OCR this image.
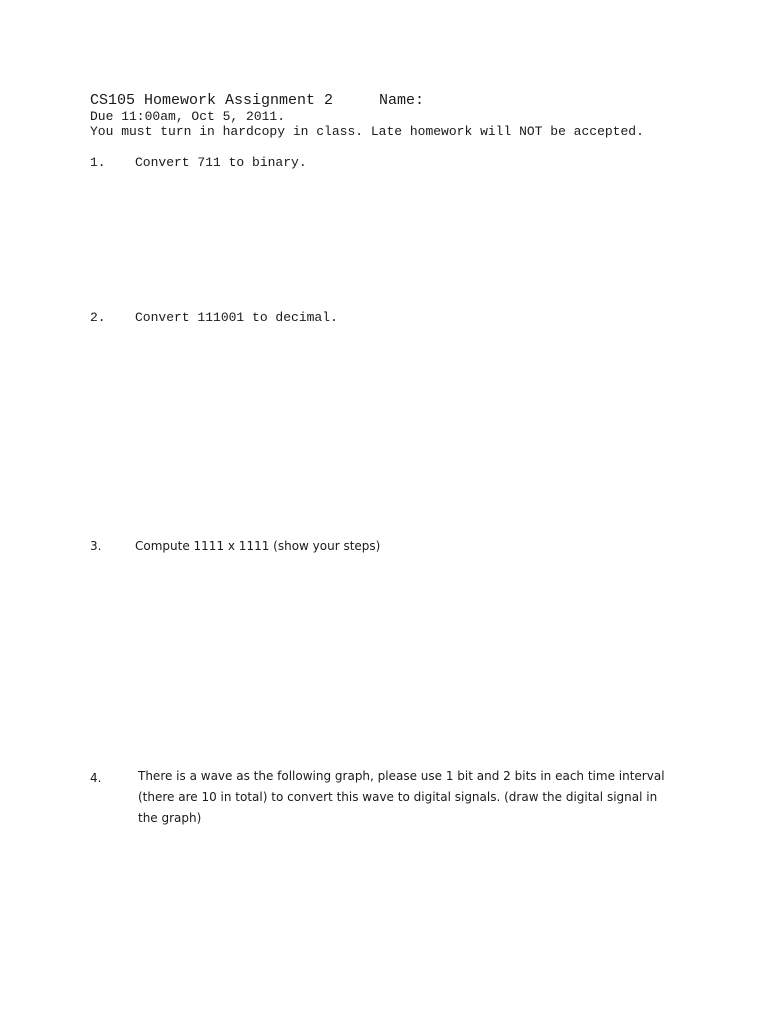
CS105 Homework Assignment 2	Name:
Due 11:00am, Oct 5, 2011.
You must turn in hardcopy in class. Late homework will NOT be accepted.
1. Convert 711 to binary.
2. Convert 111001 to decimal.
3.	Compute 1111 x 1111 (show your steps)
4.	There is a wave as the following graph, please use 1 bit and 2 bits in each time interval (there are 10 in total) to convert this wave to digital signals. (draw the digital signal in the graph)
